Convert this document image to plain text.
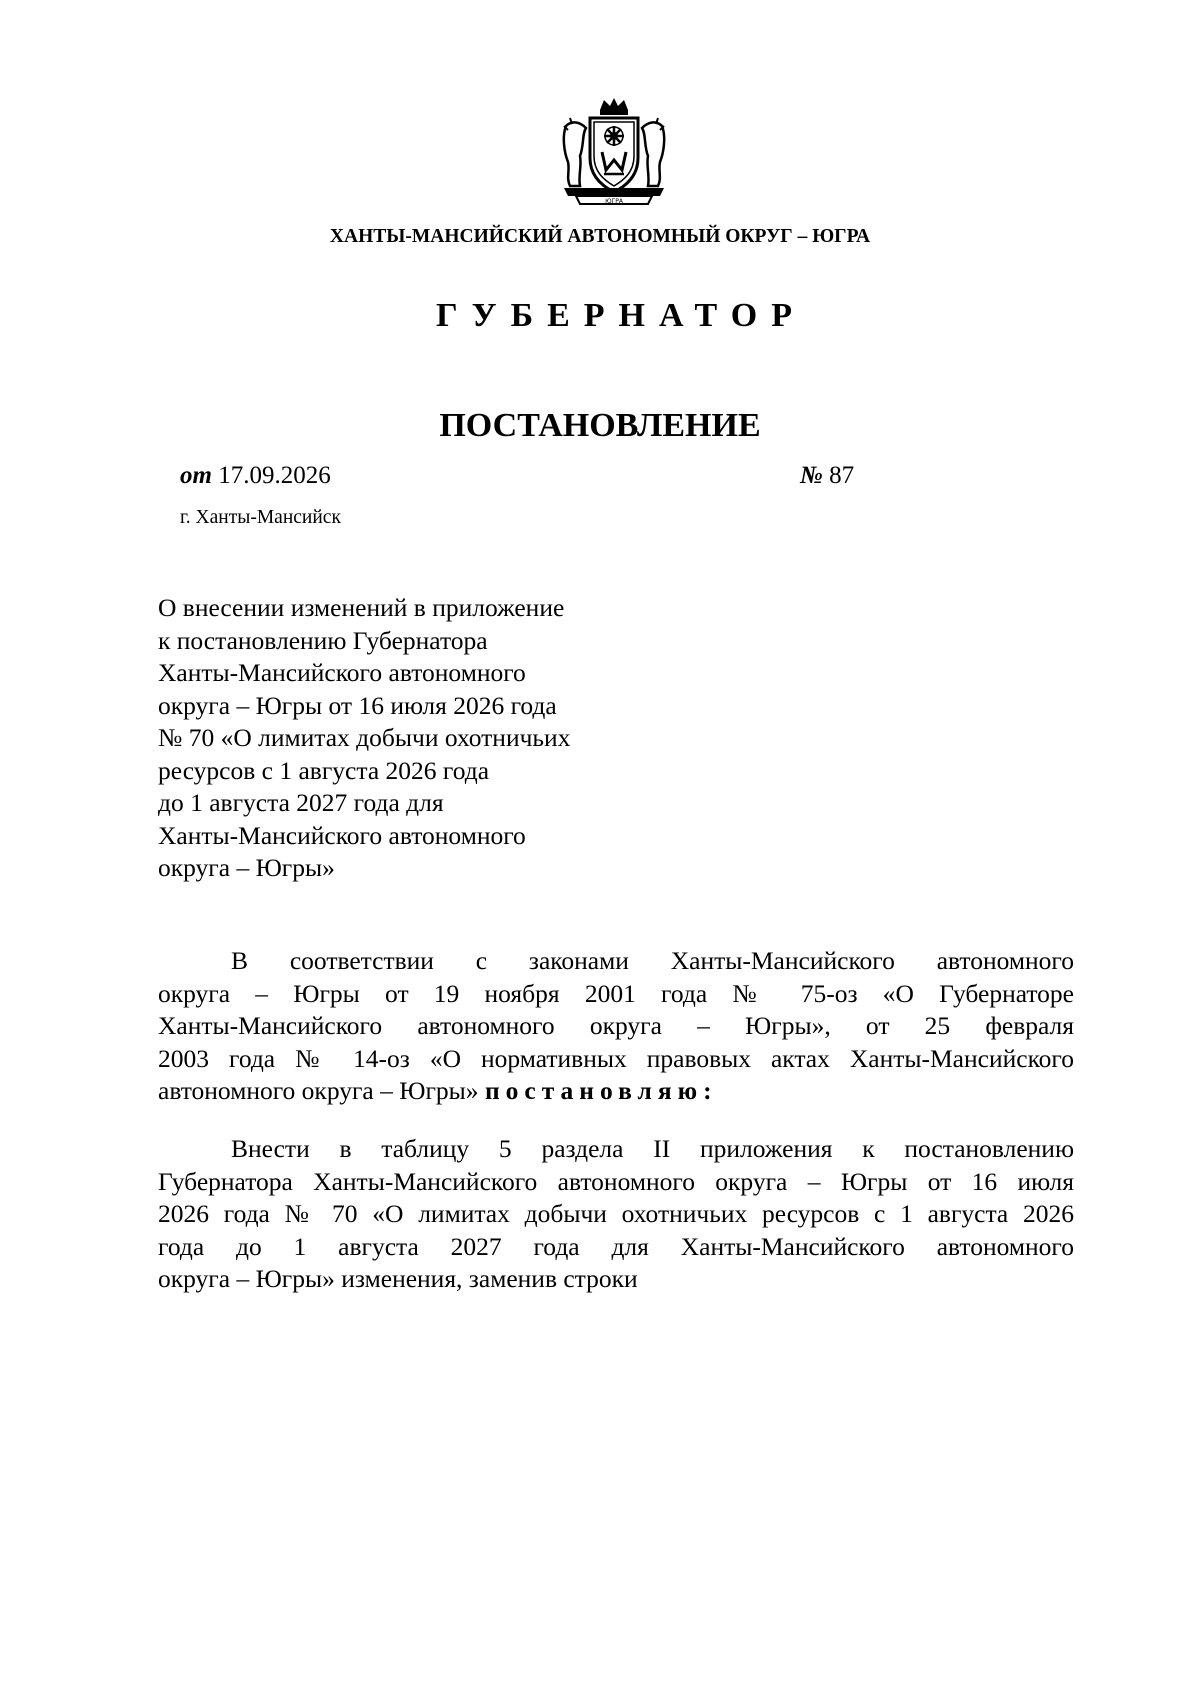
ЮГРА
ХАНТЫ-МАНСИЙСКИЙ АВТОНОМНЫЙ ОКРУГ – ЮГРА
ГУБЕРНАТОР
ПОСТАНОВЛЕНИЕ
от 17.09.2026	№ 87
г. Ханты-Мансийск
О внесении изменений в приложение
к постановлению Губернатора
Ханты-Мансийского автономного
округа – Югры от 16 июля 2026 года
№ 70 «О лимитах добычи охотничьих
ресурсов с 1 августа 2026 года
до 1 августа 2027 года для
Ханты-Мансийского автономного
округа – Югры»
В соответствии с законами Ханты-Мансийского автономного
округа – Югры от 19 ноября 2001 года № 75-оз «О Губернаторе
Ханты-Мансийского автономного округа – Югры», от 25 февраля
2003 года № 14-оз «О нормативных правовых актах Ханты-Мансийского
автономного округа – Югры» постановляю:
Внести в таблицу 5 раздела II приложения к постановлению
Губернатора Ханты-Мансийского автономного округа – Югры от 16 июля
2026 года № 70 «О лимитах добычи охотничьих ресурсов с 1 августа 2026
года до 1 августа 2027 года для Ханты-Мансийского автономного
округа – Югры» изменения, заменив строки
